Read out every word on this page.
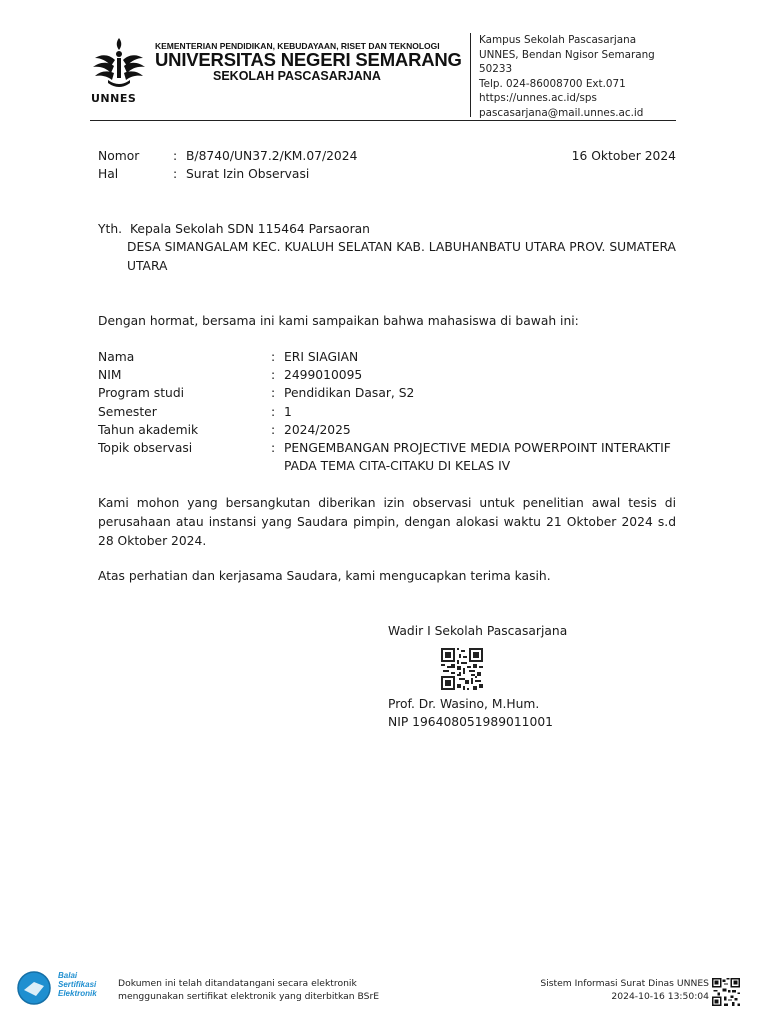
UNNES
KEMENTERIAN PENDIDIKAN, KEBUDAYAAN, RISET DAN TEKNOLOGI
UNIVERSITAS NEGERI SEMARANG
SEKOLAH PASCASARJANA
Kampus Sekolah Pascasarjana
UNNES, Bendan Ngisor Semarang
50233
Telp. 024-86008700 Ext.071
https://unnes.ac.id/sps
pascasarjana@mail.unnes.ac.id
Nomor	: B/8740/UN37.2/KM.07/2024	16 Oktober 2024
Hal	: Surat Izin Observasi
Yth. Kepala Sekolah SDN 115464 Parsaoran
DESA SIMANGALAM KEC. KUALUH SELATAN KAB. LABUHANBATU UTARA PROV. SUMATERA
UTARA
Dengan hormat, bersama ini kami sampaikan bahwa mahasiswa di bawah ini:
Nama	: ERI SIAGIAN
NIM	: 2499010095
Program studi	: Pendidikan Dasar, S2
Semester	: 1
Tahun akademik	: 2024/2025
Topik observasi	: PENGEMBANGAN PROJECTIVE MEDIA POWERPOINT INTERAKTIF
PADA TEMA CITA-CITAKU DI KELAS IV
Kami mohon yang bersangkutan diberikan izin observasi untuk penelitian awal tesis di perusahaan atau instansi yang Saudara pimpin, dengan alokasi waktu 21 Oktober 2024 s.d 28 Oktober 2024.
Atas perhatian dan kerjasama Saudara, kami mengucapkan terima kasih.
Wadir I Sekolah Pascasarjana
Prof. Dr. Wasino, M.Hum.
NIP 196408051989011001
Balai
Sertifikasi
Elektronik
Dokumen ini telah ditandatangani secara elektronik
menggunakan sertifikat elektronik yang diterbitkan BSrE
Sistem Informasi Surat Dinas UNNES
2024-10-16 13:50:04
